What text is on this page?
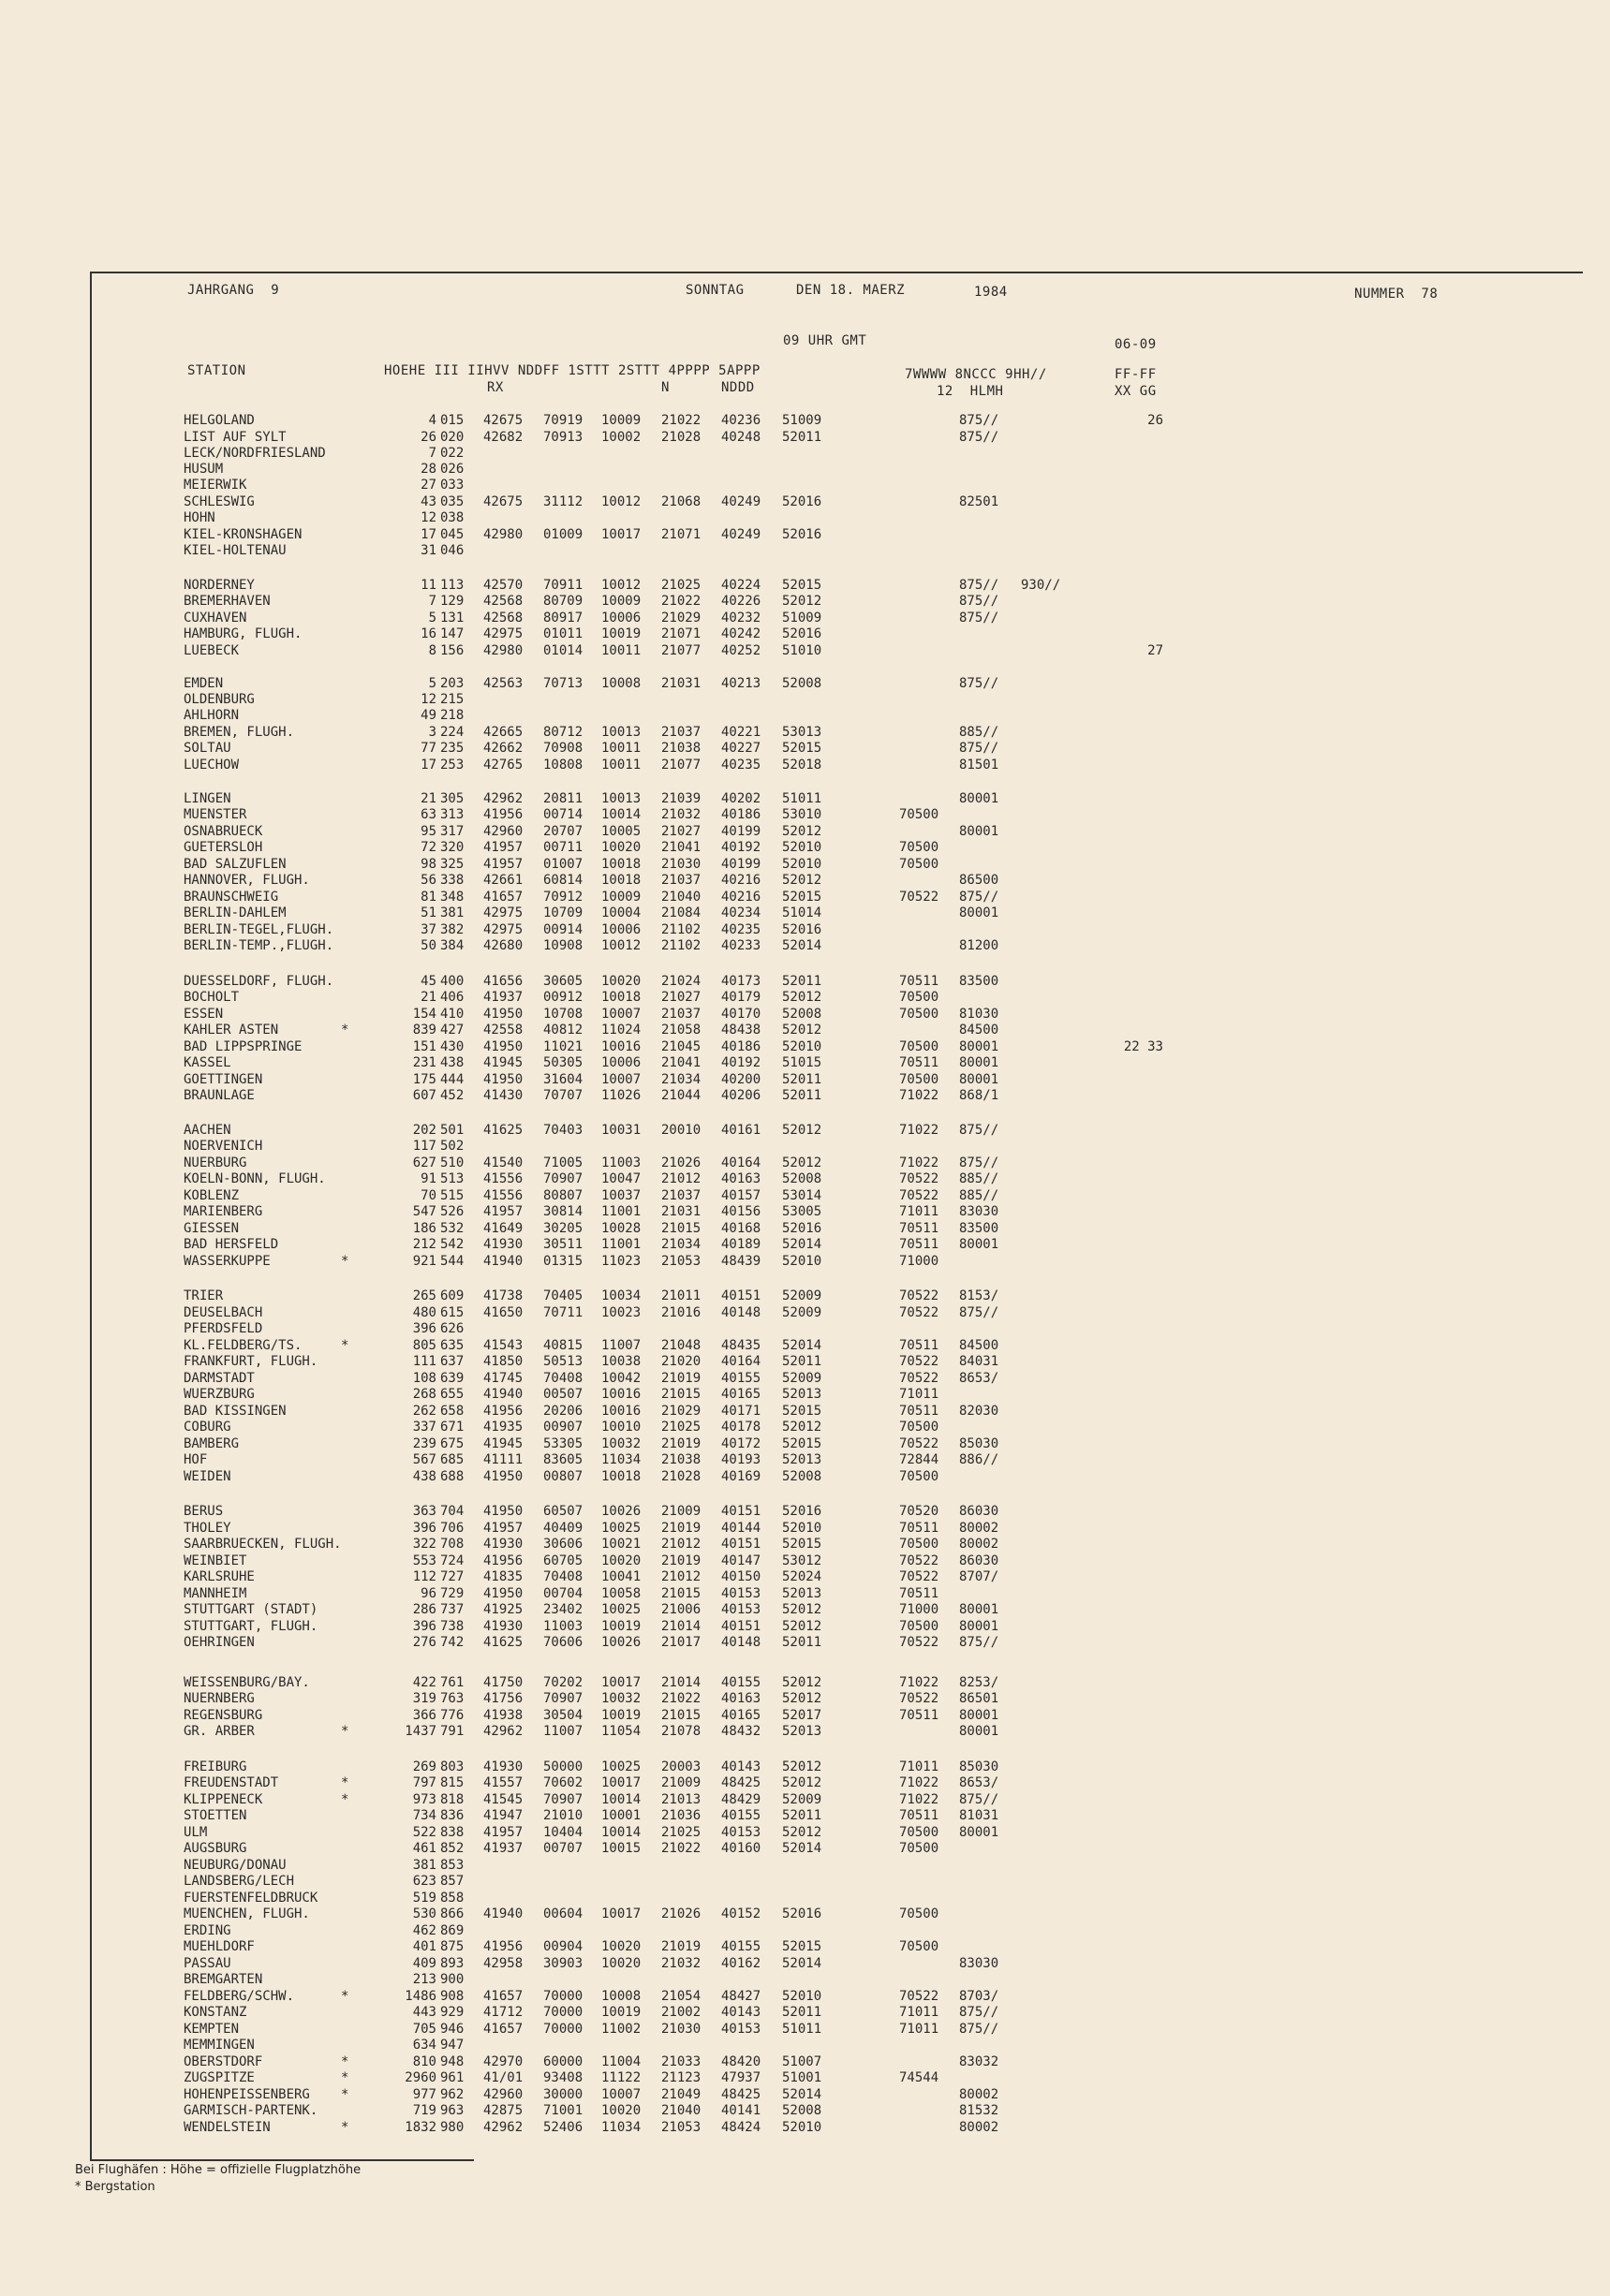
JAHRGANG  9	SONNTAG	DEN 18. MAERZ	1984	NUMMER  78
09 UHR GMT	06-09
STATION	HOEHE III IIHVV NDDFF 1STTT 2STTT 4PPPP 5APPP	7WWWW 8NCCC 9HH//	FF-FF
RX	N	NDDD	12  HLMH	XX GG
HELGOLAND	4 015 42675 70919 10009 21022 40236 51009	875//	26
LIST AUF SYLT	26 020 42682 70913 10002 21028 40248 52011	875//
LECK/NORDFRIESLAND	7 022
HUSUM	28 026
MEIERWIK	27 033
SCHLESWIG	43 035 42675 31112 10012 21068 40249 52016	82501
HOHN	12 038
KIEL-KRONSHAGEN	17 045 42980 01009 10017 21071 40249 52016
KIEL-HOLTENAU	31 046
NORDERNEY	11 113 42570 70911 10012 21025 40224 52015	875// 930//
BREMERHAVEN	7 129 42568 80709 10009 21022 40226 52012	875//
CUXHAVEN	5 131 42568 80917 10006 21029 40232 51009	875//
HAMBURG, FLUGH.	16 147 42975 01011 10019 21071 40242 52016
LUEBECK	8 156 42980 01014 10011 21077 40252 51010	27
EMDEN	5 203 42563 70713 10008 21031 40213 52008	875//
OLDENBURG	12 215
AHLHORN	49 218
BREMEN, FLUGH.	3 224 42665 80712 10013 21037 40221 53013	885//
SOLTAU	77 235 42662 70908 10011 21038 40227 52015	875//
LUECHOW	17 253 42765 10808 10011 21077 40235 52018	81501
LINGEN	21 305 42962 20811 10013 21039 40202 51011	80001
MUENSTER	63 313 41956 00714 10014 21032 40186 53010	70500
OSNABRUECK	95 317 42960 20707 10005 21027 40199 52012	80001
GUETERSLOH	72 320 41957 00711 10020 21041 40192 52010	70500
BAD SALZUFLEN	98 325 41957 01007 10018 21030 40199 52010	70500
HANNOVER, FLUGH.	56 338 42661 60814 10018 21037 40216 52012	86500
BRAUNSCHWEIG	81 348 41657 70912 10009 21040 40216 52015	70522 875//
BERLIN-DAHLEM	51 381 42975 10709 10004 21084 40234 51014	80001
BERLIN-TEGEL,FLUGH.	37 382 42975 00914 10006 21102 40235 52016
BERLIN-TEMP.,FLUGH.	50 384 42680 10908 10012 21102 40233 52014	81200
DUESSELDORF, FLUGH.	45 400 41656 30605 10020 21024 40173 52011	70511 83500
BOCHOLT	21 406 41937 00912 10018 21027 40179 52012	70500
ESSEN	154 410 41950 10708 10007 21037 40170 52008	70500 81030
KAHLER ASTEN	*	839 427 42558 40812 11024 21058 48438 52012	84500
BAD LIPPSPRINGE	151 430 41950 11021 10016 21045 40186 52010	70500 80001	22 33
KASSEL	231 438 41945 50305 10006 21041 40192 51015	70511 80001
GOETTINGEN	175 444 41950 31604 10007 21034 40200 52011	70500 80001
BRAUNLAGE	607 452 41430 70707 11026 21044 40206 52011	71022 868/1
AACHEN	202 501 41625 70403 10031 20010 40161 52012	71022 875//
NOERVENICH	117 502
NUERBURG	627 510 41540 71005 11003 21026 40164 52012	71022 875//
KOELN-BONN, FLUGH.	91 513 41556 70907 10047 21012 40163 52008	70522 885//
KOBLENZ	70 515 41556 80807 10037 21037 40157 53014	70522 885//
MARIENBERG	547 526 41957 30814 11001 21031 40156 53005	71011 83030
GIESSEN	186 532 41649 30205 10028 21015 40168 52016	70511 83500
BAD HERSFELD	212 542 41930 30511 11001 21034 40189 52014	70511 80001
WASSERKUPPE	*	921 544 41940 01315 11023 21053 48439 52010	71000
TRIER	265 609 41738 70405 10034 21011 40151 52009	70522 8153/
DEUSELBACH	480 615 41650 70711 10023 21016 40148 52009	70522 875//
PFERDSFELD	396 626
KL.FELDBERG/TS.	*	805 635 41543 40815 11007 21048 48435 52014	70511 84500
FRANKFURT, FLUGH.	111 637 41850 50513 10038 21020 40164 52011	70522 84031
DARMSTADT	108 639 41745 70408 10042 21019 40155 52009	70522 8653/
WUERZBURG	268 655 41940 00507 10016 21015 40165 52013	71011
BAD KISSINGEN	262 658 41956 20206 10016 21029 40171 52015	70511 82030
COBURG	337 671 41935 00907 10010 21025 40178 52012	70500
BAMBERG	239 675 41945 53305 10032 21019 40172 52015	70522 85030
HOF	567 685 41111 83605 11034 21038 40193 52013	72844 886//
WEIDEN	438 688 41950 00807 10018 21028 40169 52008	70500
BERUS	363 704 41950 60507 10026 21009 40151 52016	70520 86030
THOLEY	396 706 41957 40409 10025 21019 40144 52010	70511 80002
SAARBRUECKEN, FLUGH.	322 708 41930 30606 10021 21012 40151 52015	70500 80002
WEINBIET	553 724 41956 60705 10020 21019 40147 53012	70522 86030
KARLSRUHE	112 727 41835 70408 10041 21012 40150 52024	70522 8707/
MANNHEIM	96 729 41950 00704 10058 21015 40153 52013	70511
STUTTGART (STADT)	286 737 41925 23402 10025 21006 40153 52012	71000 80001
STUTTGART, FLUGH.	396 738 41930 11003 10019 21014 40151 52012	70500 80001
OEHRINGEN	276 742 41625 70606 10026 21017 40148 52011	70522 875//
WEISSENBURG/BAY.	422 761 41750 70202 10017 21014 40155 52012	71022 8253/
NUERNBERG	319 763 41756 70907 10032 21022 40163 52012	70522 86501
REGENSBURG	366 776 41938 30504 10019 21015 40165 52017	70511 80001
GR. ARBER	*	1437 791 42962 11007 11054 21078 48432 52013	80001
FREIBURG	269 803 41930 50000 10025 20003 40143 52012	71011 85030
FREUDENSTADT	*	797 815 41557 70602 10017 21009 48425 52012	71022 8653/
KLIPPENECK	*	973 818 41545 70907 10014 21013 48429 52009	71022 875//
STOETTEN	734 836 41947 21010 10001 21036 40155 52011	70511 81031
ULM	522 838 41957 10404 10014 21025 40153 52012	70500 80001
AUGSBURG	461 852 41937 00707 10015 21022 40160 52014	70500
NEUBURG/DONAU	381 853
LANDSBERG/LECH	623 857
FUERSTENFELDBRUCK	519 858
MUENCHEN, FLUGH.	530 866 41940 00604 10017 21026 40152 52016	70500
ERDING	462 869
MUEHLDORF	401 875 41956 00904 10020 21019 40155 52015	70500
PASSAU	409 893 42958 30903 10020 21032 40162 52014	83030
BREMGARTEN	213 900
FELDBERG/SCHW.	*	1486 908 41657 70000 10008 21054 48427 52010	70522 8703/
KONSTANZ	443 929 41712 70000 10019 21002 40143 52011	71011 875//
KEMPTEN	705 946 41657 70000 11002 21030 40153 51011	71011 875//
MEMMINGEN	634 947
OBERSTDORF	*	810 948 42970 60000 11004 21033 48420 51007	83032
ZUGSPITZE	*	2960 961 41/01 93408 11122 21123 47937 51001	74544
HOHENPEISSENBERG *	977 962 42960 30000 10007 21049 48425 52014	80002
GARMISCH-PARTENK.	719 963 42875 71001 10020 21040 40141 52008	81532
WENDELSTEIN	*	1832 980 42962 52406 11034 21053 48424 52010	80002
Bei Flughäfen : Höhe = offizielle Flugplatzhöhe
* Bergstation
